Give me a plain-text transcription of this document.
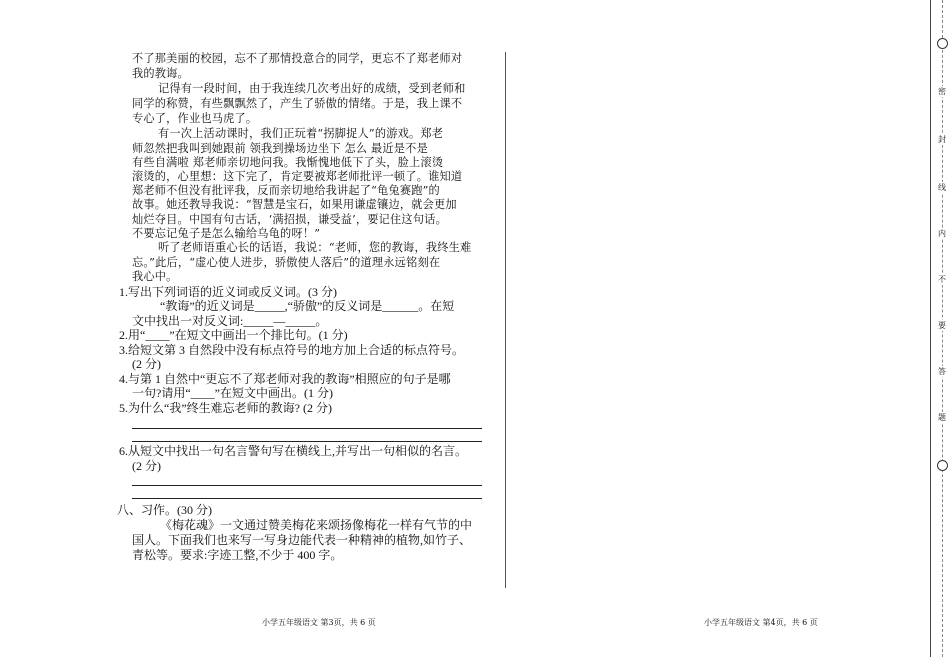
不了那美丽的校园，忘不了那情投意合的同学，更忘不了郑老师对
我的教诲。
记得有一段时间，由于我连续几次考出好的成绩，受到老师和
同学的称赞，有些飘飘然了，产生了骄傲的情绪。于是，我上课不
专心了，作业也马虎了。
有一次上活动课时，我们正玩着“拐脚捉人”的游戏。郑老
师忽然把我叫到她跟前 领我到操场边坐下 怎么 最近是不是
有些自满啦 郑老师亲切地问我。我惭愧地低下了头，脸上滚烫
滚烫的，心里想：这下完了，肯定要被郑老师批评一顿了。谁知道
郑老师不但没有批评我，反而亲切地给我讲起了“龟兔赛跑”的
故事。她还教导我说：“智慧是宝石，如果用谦虚镶边，就会更加
灿烂夺目。中国有句古话，‘满招损，谦受益’，要记住这句话。
不要忘记兔子是怎么输给乌龟的呀！”
听了老师语重心长的话语，我说：“老师，您的教诲，我终生难
忘。”此后，“虚心使人进步，骄傲使人落后”的道理永远铭刻在
我心中。
1.写出下列词语的近义词或反义词。(3 分)
“教诲”的近义词是_____,“骄傲”的反义词是______。在短
文中找出一对反义词:_____—_____。
2.用“____”在短文中画出一个排比句。(1 分)
3.给短文第 3 自然段中没有标点符号的地方加上合适的标点符号。
(2 分)
4.与第 1 自然中“更忘不了郑老师对我的教诲”相照应的句子是哪
一句?请用“____”在短文中画出。(1 分)
5.为什么“我”终生难忘老师的教诲? (2 分)
6.从短文中找出一句名言警句写在横线上,并写出一句相似的名言。
(2 分)
八、习作。(30 分)
《梅花魂》一文通过赞美梅花来颂扬像梅花一样有气节的中
国人。下面我们也来写一写身边能代表一种精神的植物,如竹子、
青松等。要求:字迹工整,不少于 400 字。
小学五年级语文 第3页，共 6 页	小学五年级语文 第4页，共 6 页
密
封
线
内
不
要
答
题
